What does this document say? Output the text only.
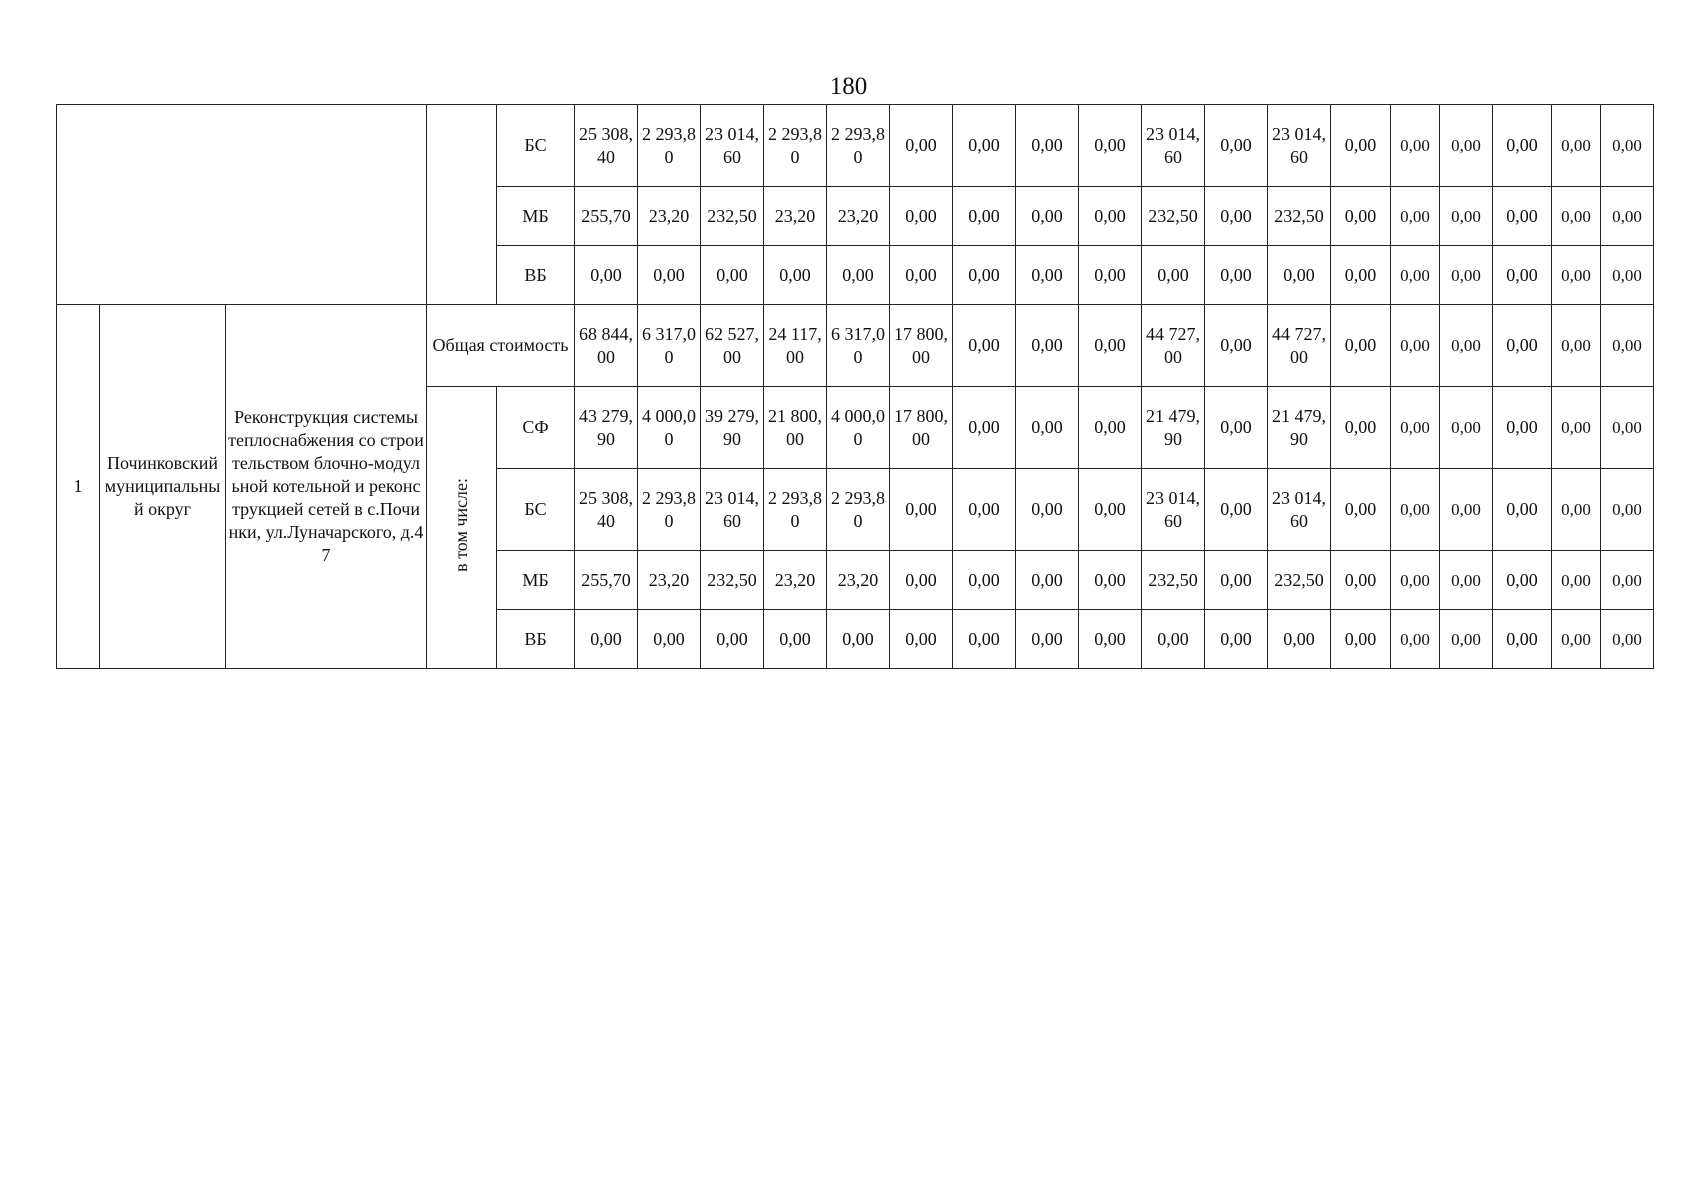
180
				БС	25 308,40	2 293,80	23 014,60	2 293,80	2 293,80	0,00	0,00	0,00	0,00	23 014,60	0,00	23 014,60	0,00	0,00	0,00	0,00	0,00	0,00
				МБ	255,70	23,20	232,50	23,20	23,20	0,00	0,00	0,00	0,00	232,50	0,00	232,50	0,00	0,00	0,00	0,00	0,00	0,00
				ВБ	0,00	0,00	0,00	0,00	0,00	0,00	0,00	0,00	0,00	0,00	0,00	0,00	0,00	0,00	0,00	0,00	0,00	0,00
1	Починковский муниципальный округ	Реконструкция системы теплоснабжения со строительством блочно-модульной котельной и реконструкцией сетей в с.Починки, ул.Луначарского, д.47	Общая стоимость		68 844,00	6 317,00	62 527,00	24 117,00	6 317,00	17 800,00	0,00	0,00	0,00	44 727,00	0,00	44 727,00	0,00	0,00	0,00	0,00	0,00	0,00
			в том числе:	СФ	43 279,90	4 000,00	39 279,90	21 800,00	4 000,00	17 800,00	0,00	0,00	0,00	21 479,90	0,00	21 479,90	0,00	0,00	0,00	0,00	0,00	0,00
				БС	25 308,40	2 293,80	23 014,60	2 293,80	2 293,80	0,00	0,00	0,00	0,00	23 014,60	0,00	23 014,60	0,00	0,00	0,00	0,00	0,00	0,00
				МБ	255,70	23,20	232,50	23,20	23,20	0,00	0,00	0,00	0,00	232,50	0,00	232,50	0,00	0,00	0,00	0,00	0,00	0,00
				ВБ	0,00	0,00	0,00	0,00	0,00	0,00	0,00	0,00	0,00	0,00	0,00	0,00	0,00	0,00	0,00	0,00	0,00	0,00
